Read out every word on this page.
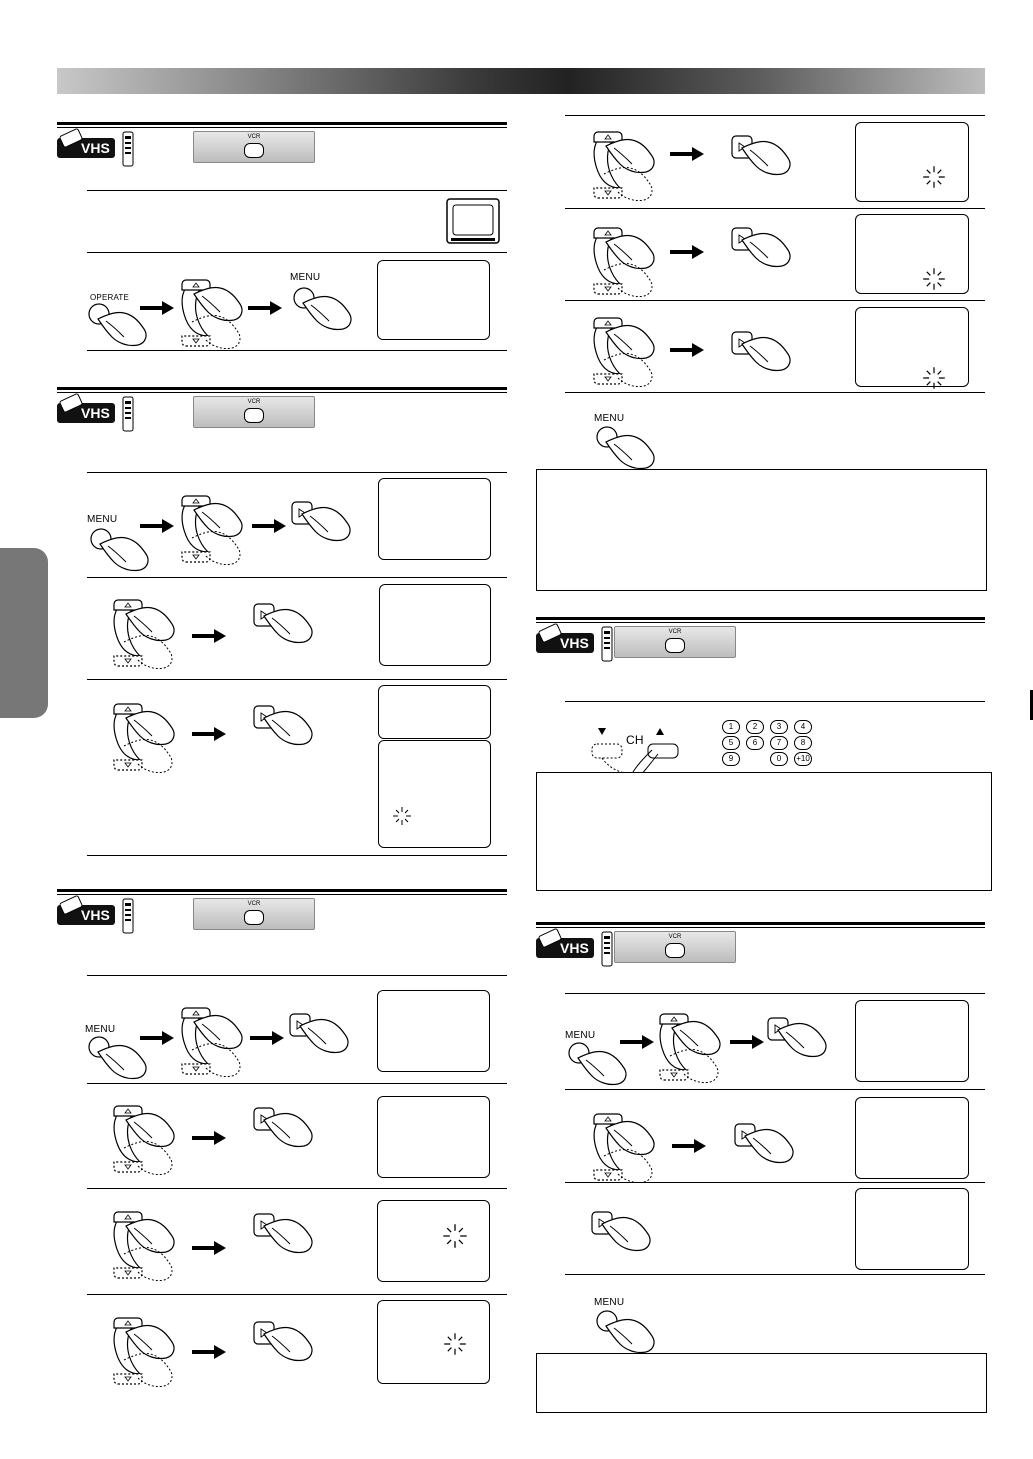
VHS
VCR
OPERATE
MENU
VHS
VCR
MENU
VHS
VCR
MENU
MENU
VHS
VCR
CH
1	2	3	4
5	6	7	8
9	0	+10
VHS
VCR
MENU
MENU
